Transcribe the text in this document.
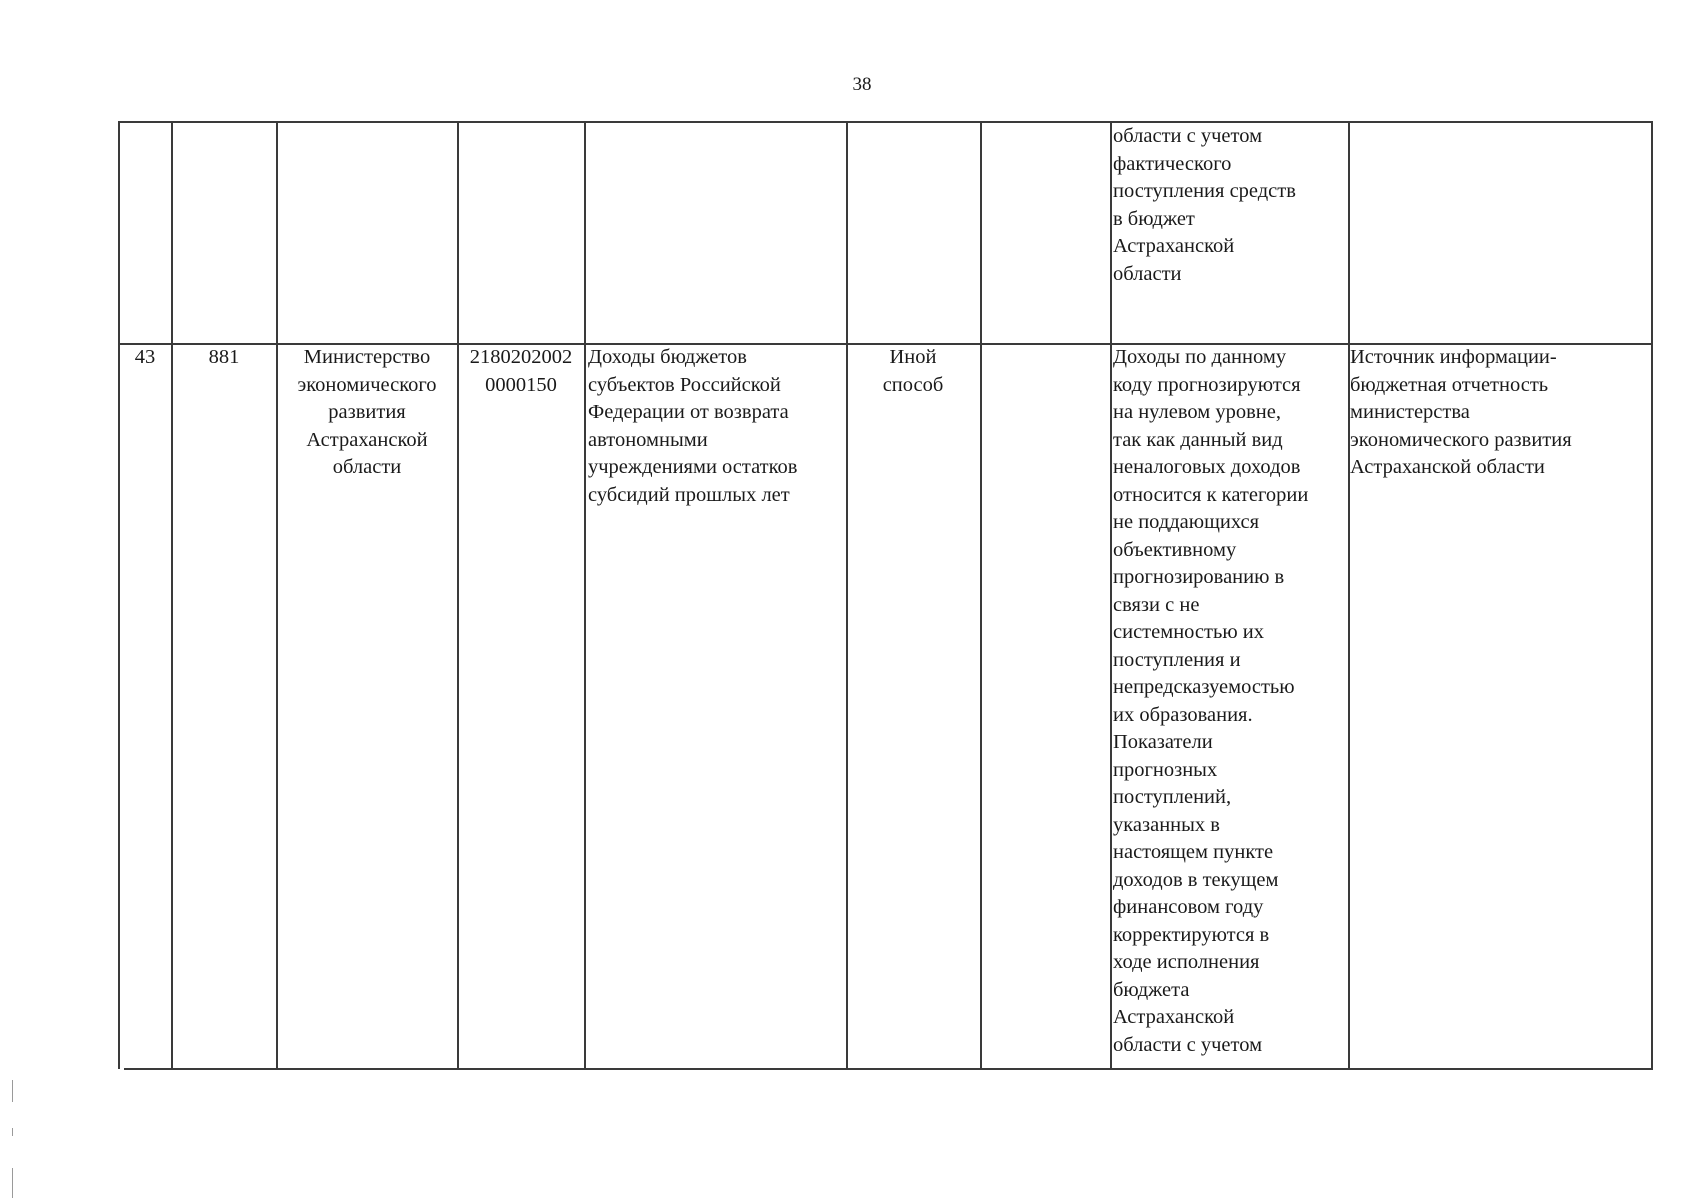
38
области с учетом
фактического
поступления средств
в бюджет
Астраханской
области
43	881	Министерство
экономического
развития
Астраханской
области
2180202002
0000150
Доходы бюджетов
субъектов Российской
Федерации от возврата
автономными
учреждениями остатков
субсидий прошлых лет
Иной
способ
Доходы по данному
коду прогнозируются
на нулевом уровне,
так как данный вид
неналоговых доходов
относится к категории
не поддающихся
объективному
прогнозированию в
связи с не
системностью их
поступления и
непредсказуемостью
их образования.
Показатели
прогнозных
поступлений,
указанных в
настоящем пункте
доходов в текущем
финансовом году
корректируются в
ходе исполнения
бюджета
Астраханской
области с учетом
Источник информации-
бюджетная отчетность
министерства
экономического развития
Астраханской области
